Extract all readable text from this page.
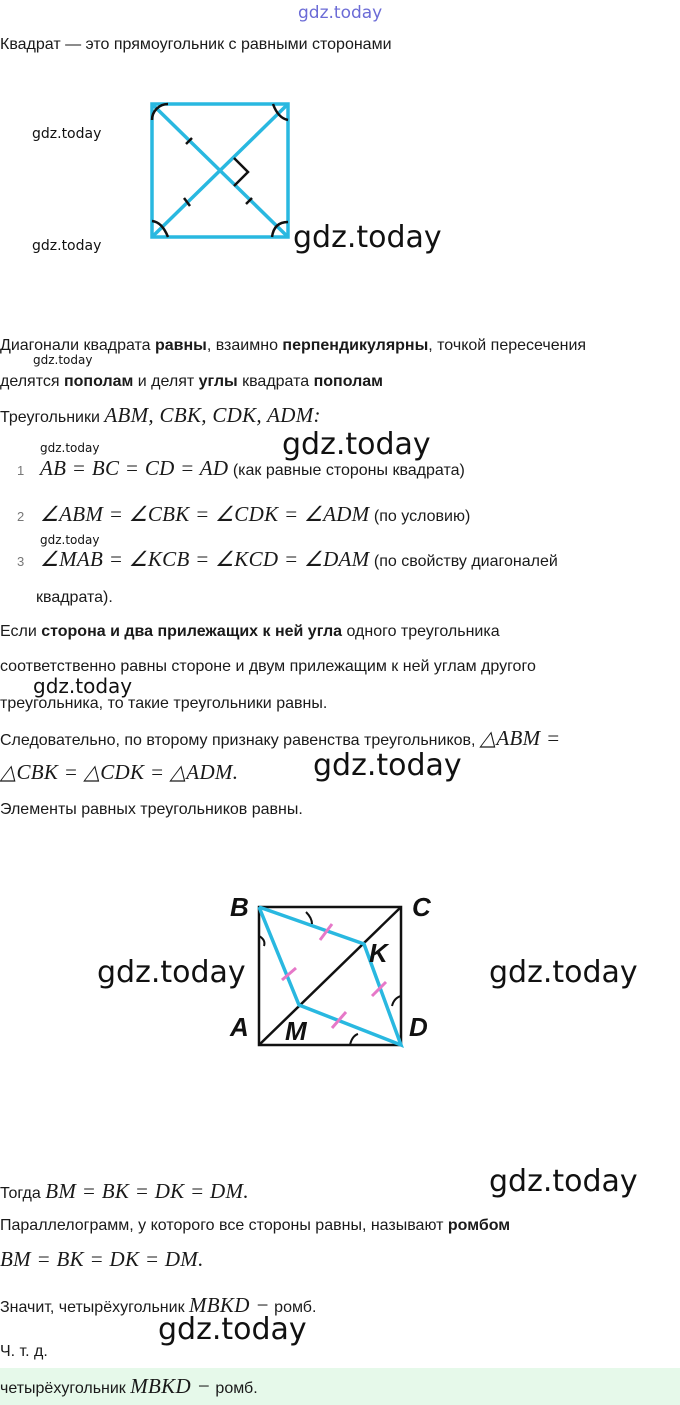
gdz.today
Квадрат — это прямоугольник с равными сторонами
gdz.today
gdz.today	gdz.today
Диагонали квадрата равны, взаимно перпендикулярны, точкой пересечения
gdz.today
делятся пополам и делят углы квадрата пополам
Треугольники ABM, CBK, CDK, ADM:
gdz.today	gdz.today
1 AB = BC = CD = AD (как равные стороны квадрата)
2 ∠ABM = ∠CBK = ∠CDK = ∠ADM (по условию)
gdz.today
3 ∠MAB = ∠KCB = ∠KCD = ∠DAM (по свойству диагоналей
квадрата).
Если сторона и два прилежащих к ней угла одного треугольника
соответственно равны стороне и двум прилежащим к ней углам другого
gdz.today
треугольника, то такие треугольники равны.
Следовательно, по второму признаку равенства треугольников, △ABM =
△CBK = △CDK = △ADM. gdz.today
Элементы равных треугольников равны.
B	C
K
A M	D
gdz.today	gdz.today
gdz.today
Тогда BM = BK = DK = DM.
Параллелограмм, у которого все стороны равны, называют ромбом
BM = BK = DK = DM.
Значит, четырёхугольник MBKD − ромб.
gdz.today
Ч. т. д.
четырёхугольник MBKD − ромб.
